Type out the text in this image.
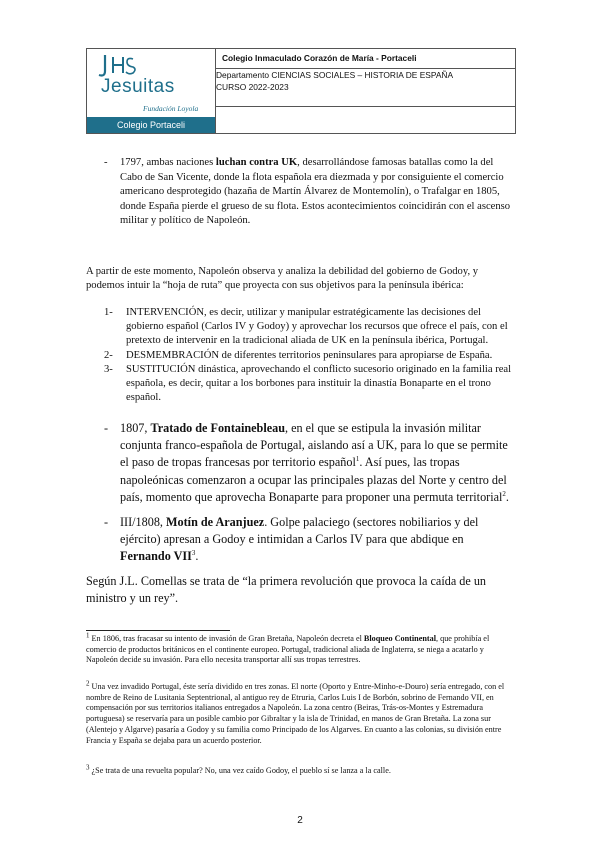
Jesuitas
Fundación Loyola
Colegio Portaceli
	Colegio Inmaculado Corazón de María - Portaceli

Departamento CIENCIAS SOCIALES – HISTORIA DE ESPAÑA
CURSO 2022-2023

- 1797, ambas naciones luchan contra UK, desarrollándose famosas batallas como la del Cabo de San Vicente, donde la flota española era diezmada y por consiguiente el comercio americano desprotegido (hazaña de Martín Álvarez de Montemolín), o Trafalgar en 1805, donde España pierde el grueso de su flota. Estos acontecimientos coincidirán con el ascenso militar y político de Napoleón.

A partir de este momento, Napoleón observa y analiza la debilidad del gobierno de Godoy, y podemos intuir la “hoja de ruta” que proyecta con sus objetivos para la península ibérica:

1- INTERVENCIÓN, es decir, utilizar y manipular estratégicamente las decisiones del gobierno español (Carlos IV y Godoy) y aprovechar los recursos que ofrece el país, con el pretexto de intervenir en la tradicional aliada de UK en la península ibérica, Portugal.
2- DESMEMBRACIÓN de diferentes territorios peninsulares para apropiarse de España.
3- SUSTITUCIÓN dinástica, aprovechando el conflicto sucesorio originado en la familia real española, es decir, quitar a los borbones para instituir la dinastía Bonaparte en el trono español.
- 1807, Tratado de Fontainebleau, en el que se estipula la invasión militar conjunta franco-española de Portugal, aislando así a UK, para lo que se permite el paso de tropas francesas por territorio español$^1$. Así pues, las tropas napoleónicas comenzaron a ocupar las principales plazas del Norte y centro del país, momento que aprovecha Bonaparte para proponer una permuta territorial$^2$.
- III/1808, Motín de Aranjuez. Golpe palaciego (sectores nobiliarios y del ejército) apresan a Godoy e intimidan a Carlos IV para que abdique en Fernando VII$^3$.

Según J.L. Comellas se trata de “la primera revolución que provoca la caída de un ministro y un rey”.

$^1$ En 1806, tras fracasar su intento de invasión de Gran Bretaña, Napoleón decreta el Bloqueo Continental, que prohibía el comercio de productos británicos en el continente europeo. Portugal, tradicional aliada de Inglaterra, se niega a acatarlo y Napoleón decide su invasión. Para ello necesita transportar allí sus tropas terrestres.
$^2$ Una vez invadido Portugal, éste sería dividido en tres zonas. El norte (Oporto y Entre-Minho-e-Douro) sería entregado, con el nombre de Reino de Lusitania Septentrional, al antiguo rey de Etruria, Carlos Luis I de Borbón, sobrino de Fernando VII, en compensación por sus territorios italianos entregados a Napoleón. La zona centro (Beiras, Trás-os-Montes y Estremadura portuguesa) se reservaría para un posible cambio por Gibraltar y la isla de Trinidad, en manos de Gran Bretaña. La zona sur (Alentejo y Algarve) pasaría a Godoy y su familia como Principado de los Algarves. En cuanto a las colonias, su división entre Francia y España se dejaba para un acuerdo posterior.
$^3$ ¿Se trata de una revuelta popular? No, una vez caído Godoy, el pueblo sí se lanza a la calle.
2
